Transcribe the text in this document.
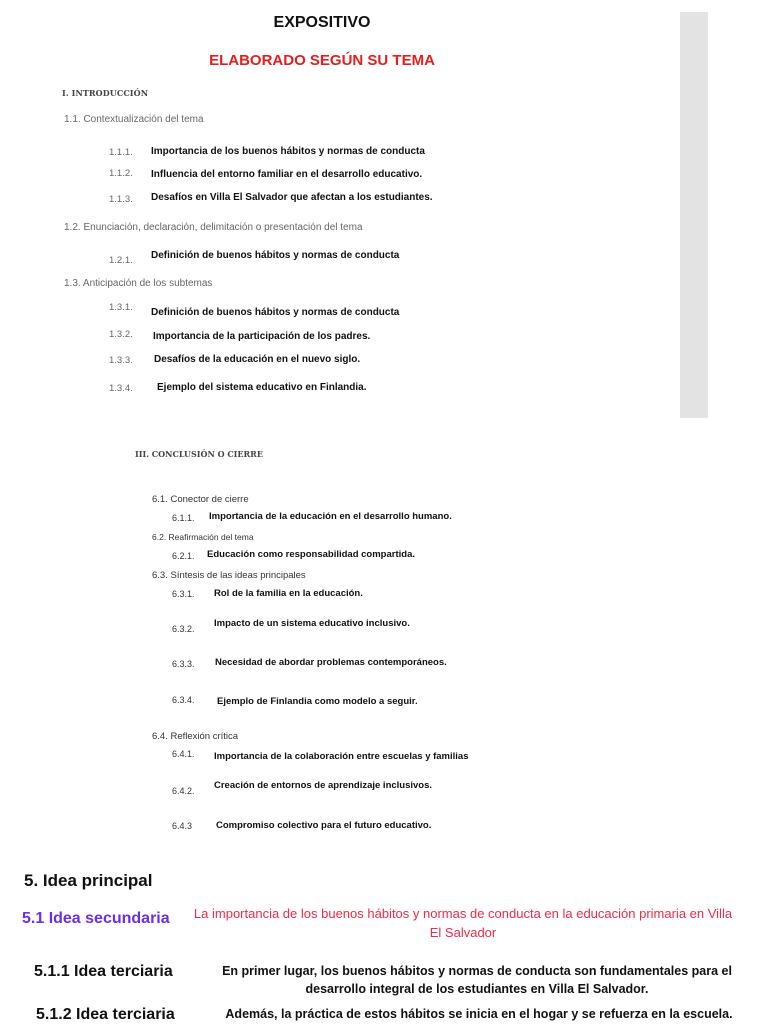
EXPOSITIVO
ELABORADO SEGÚN SU TEMA
I. INTRODUCCIÓN
1.1. Contextualización del tema
1.1.1. Importancia de los buenos hábitos y normas de conducta
1.1.2. Influencia del entorno familiar en el desarrollo educativo.
1.1.3. Desafíos en Villa El Salvador que afectan a los estudiantes.
1.2. Enunciación, declaración, delimitación o presentación del tema
1.2.1. Definición de buenos hábitos y normas de conducta
1.3. Anticipación de los subtemas
1.3.1. Definición de buenos hábitos y normas de conducta
1.3.2. Importancia de la participación de los padres.
1.3.3. Desafíos de la educación en el nuevo siglo.
1.3.4. Ejemplo del sistema educativo en Finlandia.
III. CONCLUSIÓN O CIERRE
6.1. Conector de cierre
6.1.1. Importancia de la educación en el desarrollo humano.
6.2. Reafirmación del tema
6.2.1. Educación como responsabilidad compartida.
6.3. Síntesis de las ideas principales
6.3.1. Rol de la familia en la educación.
6.3.2. Impacto de un sistema educativo inclusivo.
6.3.3. Necesidad de abordar problemas contemporáneos.
6.3.4. Ejemplo de Finlandia como modelo a seguir.
6.4. Reflexión crítica
6.4.1. Importancia de la colaboración entre escuelas y familias
6.4.2. Creación de entornos de aprendizaje inclusivos.
6.4.3	Compromiso colectivo para el futuro educativo.
5. Idea principal
5.1 Idea secundaria	La importancia de los buenos hábitos y normas de conducta en la educación primaria en Villa El Salvador
5.1.1 Idea terciaria	En primer lugar, los buenos hábitos y normas de conducta son fundamentales para el desarrollo integral de los estudiantes en Villa El Salvador.
5.1.2 Idea terciaria	Además, la práctica de estos hábitos se inicia en el hogar y se refuerza en la escuela.
